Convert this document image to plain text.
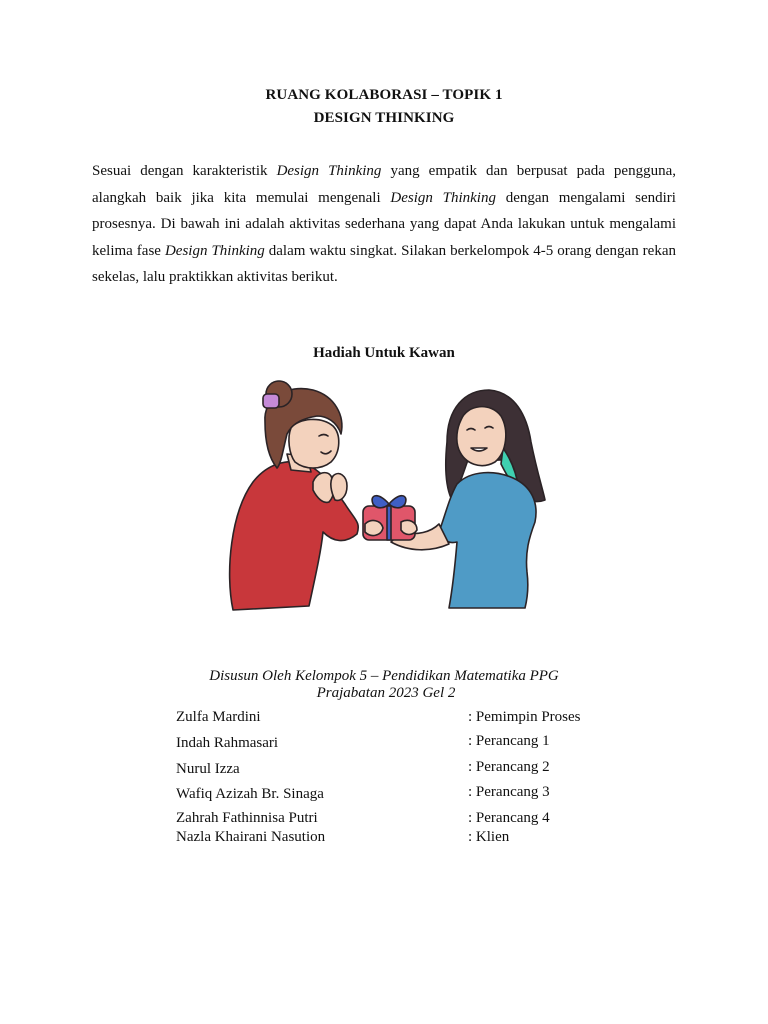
RUANG KOLABORASI – TOPIK 1
DESIGN THINKING

Sesuai dengan karakteristik Design Thinking yang empatik dan berpusat pada pengguna, alangkah baik jika kita memulai mengenali Design Thinking dengan mengalami sendiri prosesnya. Di bawah ini adalah aktivitas sederhana yang dapat Anda lakukan untuk mengalami kelima fase Design Thinking dalam waktu singkat. Silakan berkelompok 4-5 orang dengan rekan sekelas, lalu praktikkan aktivitas berikut.

Hadiah Untuk Kawan
Disusun Oleh Kelompok 5 – Pendidikan Matematika PPG
Prajabatan 2023 Gel 2
Zulfa Mardini	: Pemimpin Proses
Indah Rahmasari	: Perancang 1
Nurul Izza	: Perancang 2
Wafiq Azizah Br. Sinaga	: Perancang 3
Zahrah Fathinnisa Putri	: Perancang 4
Nazla Khairani Nasution	: Klien
